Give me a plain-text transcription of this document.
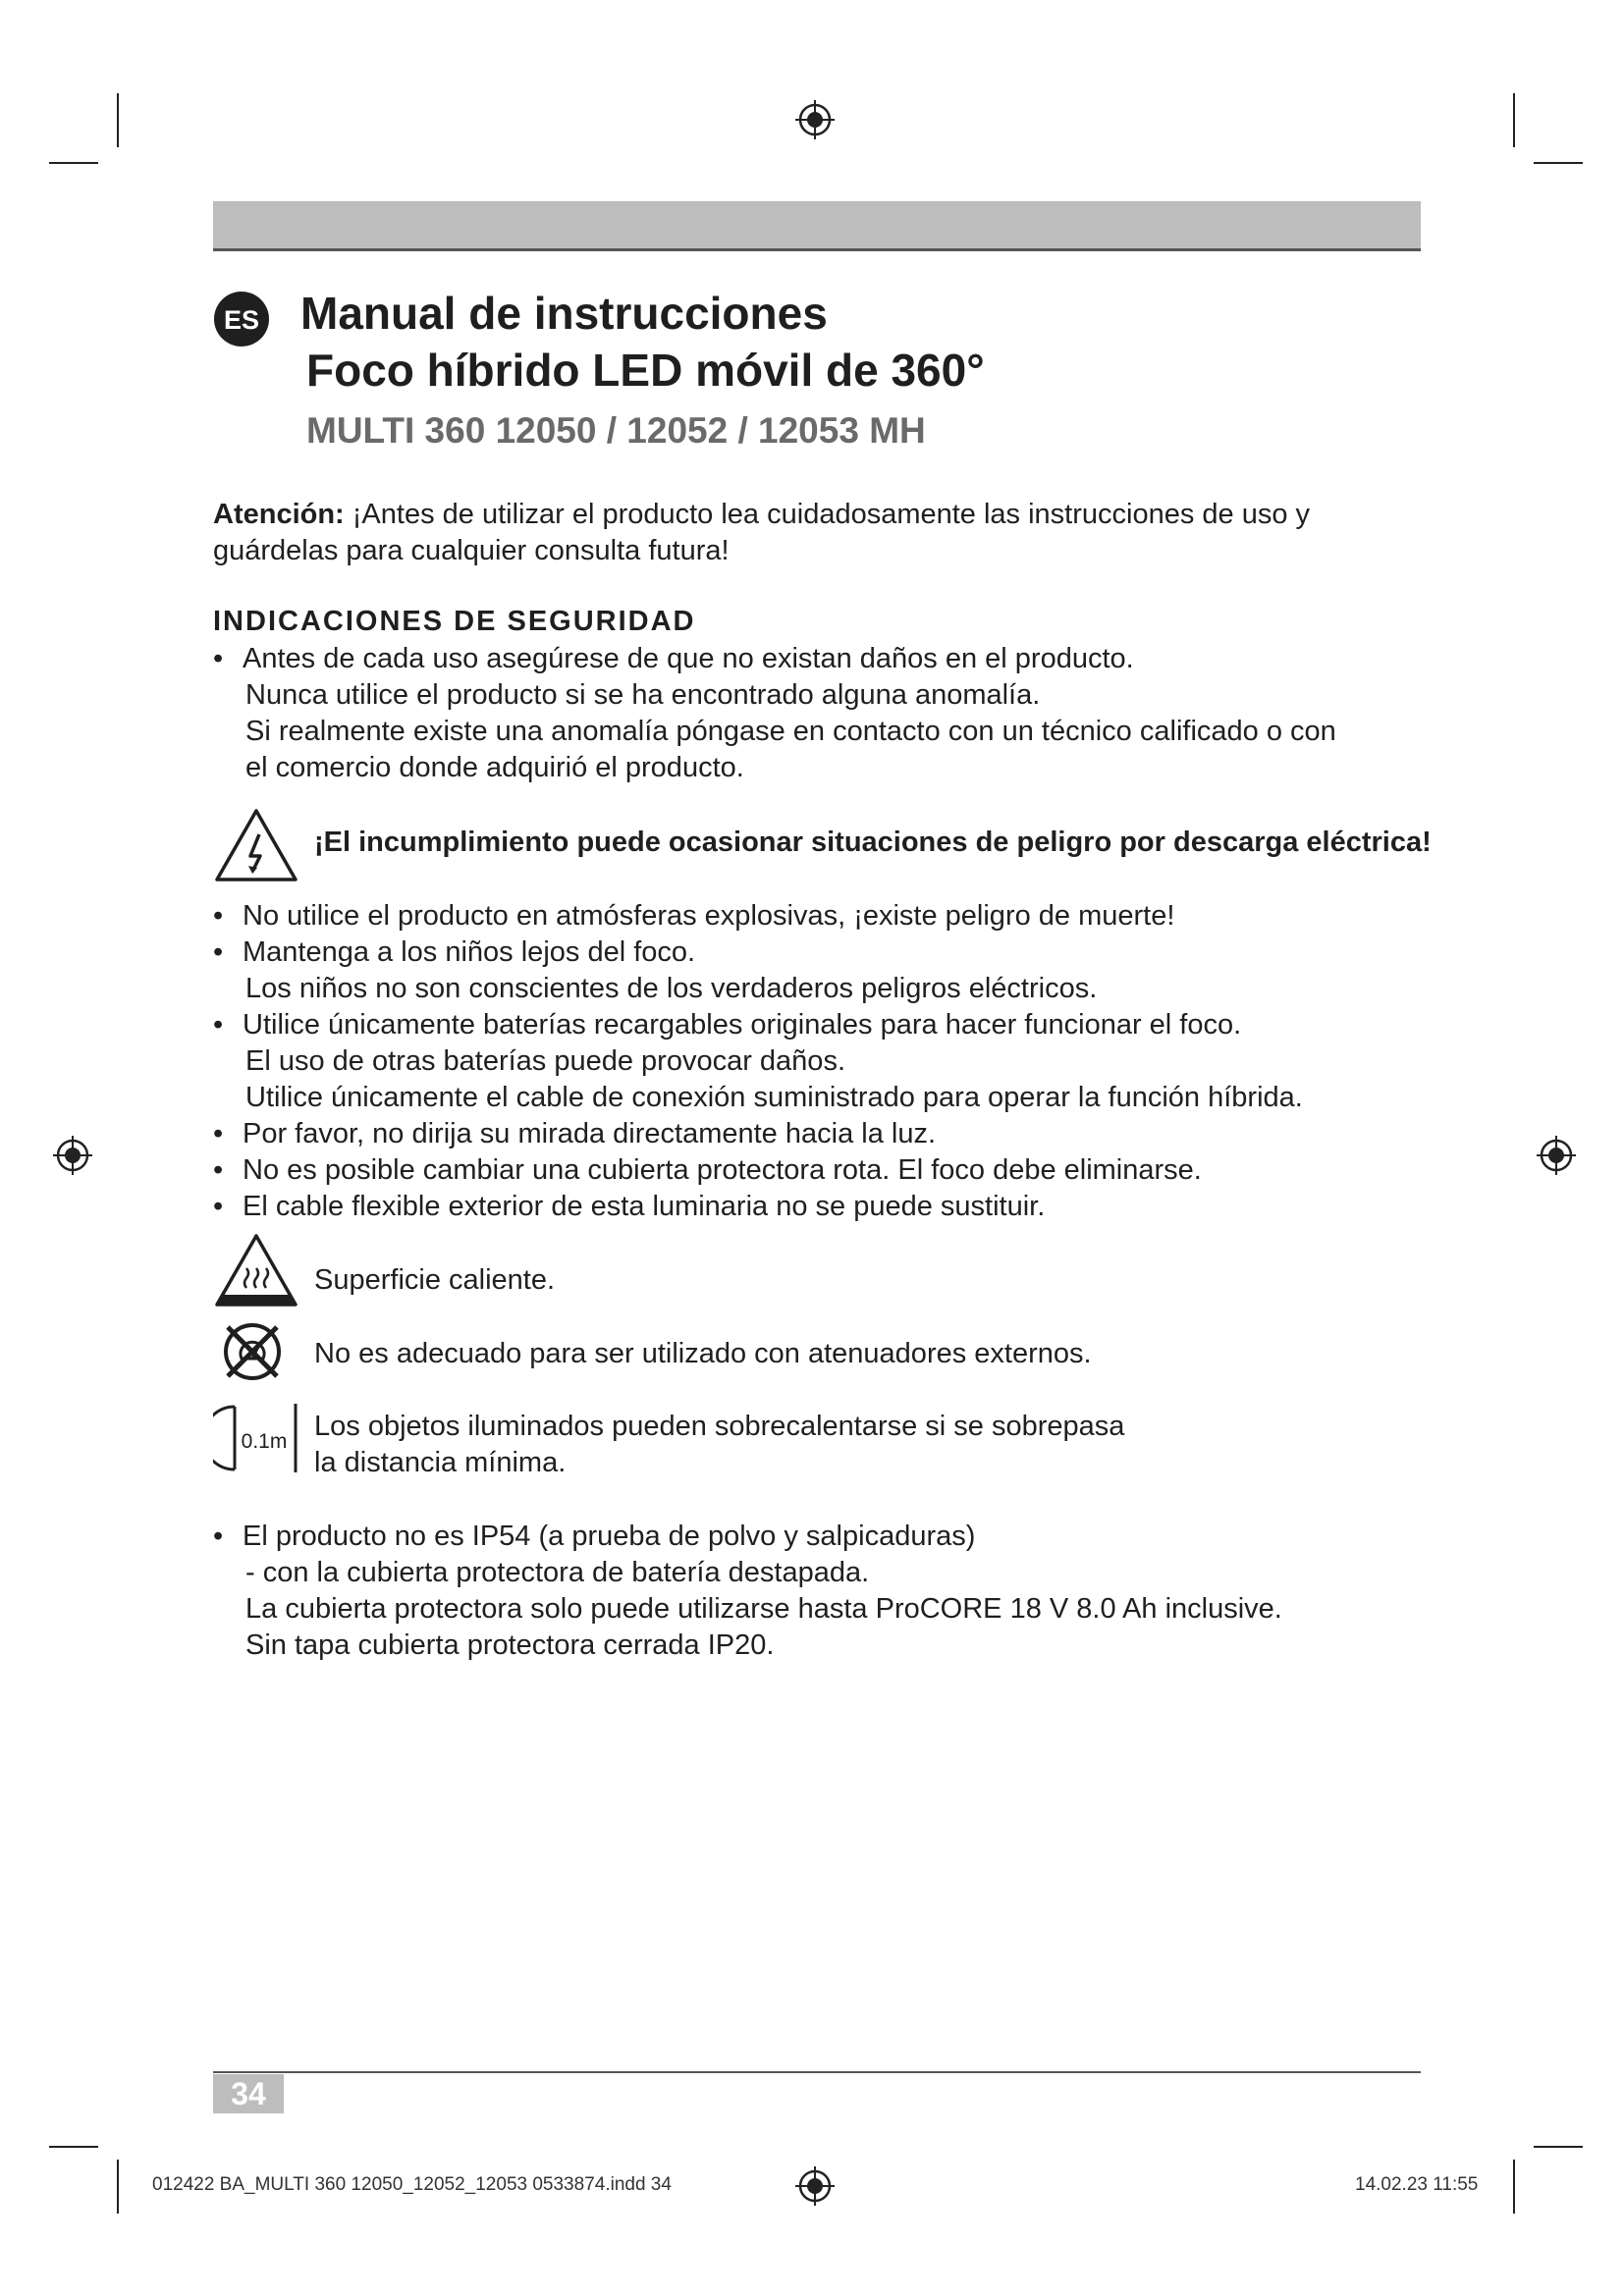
ES Manual de instrucciones
Foco híbrido LED móvil de 360°
MULTI 360 12050 / 12052 / 12053 MH
Atención: ¡Antes de utilizar el producto lea cuidadosamente las instrucciones de uso y
guárdelas para cualquier consulta futura!
INDICACIONES DE SEGURIDAD
• Antes de cada uso asegúrese de que no existan daños en el producto.
Nunca utilice el producto si se ha encontrado alguna anomalía.
Si realmente existe una anomalía póngase en contacto con un técnico calificado o con
el comercio donde adquirió el producto.
¡El incumplimiento puede ocasionar situaciones de peligro por descarga eléctrica!
• No utilice el producto en atmósferas explosivas, ¡existe peligro de muerte!
• Mantenga a los niños lejos del foco.
Los niños no son conscientes de los verdaderos peligros eléctricos.
• Utilice únicamente baterías recargables originales para hacer funcionar el foco.
El uso de otras baterías puede provocar daños.
Utilice únicamente el cable de conexión suministrado para operar la función híbrida.
• Por favor, no dirija su mirada directamente hacia la luz.
• No es posible cambiar una cubierta protectora rota. El foco debe eliminarse.
• El cable flexible exterior de esta luminaria no se puede sustituir.
Superficie caliente.
No es adecuado para ser utilizado con atenuadores externos.
0.1m Los objetos iluminados pueden sobrecalentarse si se sobrepasa
la distancia mínima.
• El producto no es IP54 (a prueba de polvo y salpicaduras)
- con la cubierta protectora de batería destapada.
La cubierta protectora solo puede utilizarse hasta ProCORE 18 V 8.0 Ah inclusive.
Sin tapa cubierta protectora cerrada IP20.
34
012422 BA_MULTI 360 12050_12052_12053 0533874.indd 34	14.02.23 11:55
